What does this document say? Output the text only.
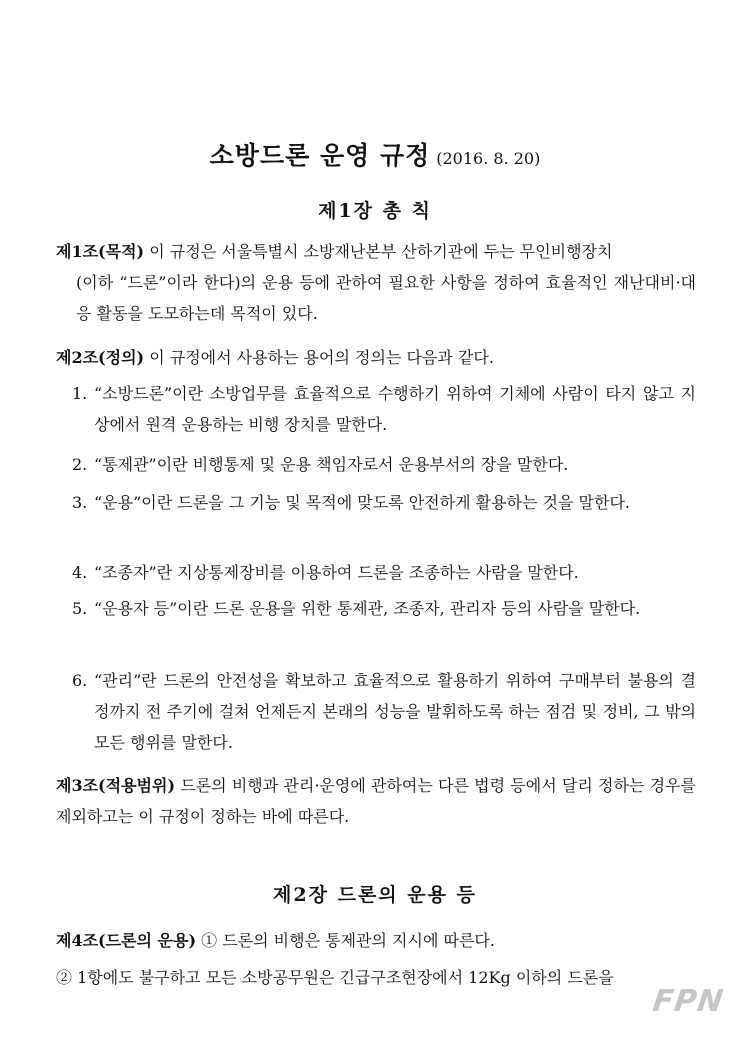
소방드론 운영 규정 (2016. 8. 20)
제1장 총 칙
제1조(목적) 이 규정은 서울특별시 소방재난본부 산하기관에 두는 무인비행장치
(이하 “드론”이라 한다)의 운용 등에 관하여 필요한 사항을 정하여 효율적인 재난대비·대응 활동을 도모하는데 목적이 있다.
제2조(정의) 이 규정에서 사용하는 용어의 정의는 다음과 같다.
1. “소방드론”이란 소방업무를 효율적으로 수행하기 위하여 기체에 사람이 타지 않고 지상에서 원격 운용하는 비행 장치를 말한다.
2. “통제관”이란 비행통제 및 운용 책임자로서 운용부서의 장을 말한다.
3. “운용”이란 드론을 그 기능 및 목적에 맞도록 안전하게 활용하는 것을 말한다.
4. “조종자”란 지상통제장비를 이용하여 드론을 조종하는 사람을 말한다.
5. “운용자 등”이란 드론 운용을 위한 통제관, 조종자, 관리자 등의 사람을 말한다.
6. “관리”란 드론의 안전성을 확보하고 효율적으로 활용하기 위하여 구매부터 불용의 결정까지 전 주기에 걸쳐 언제든지 본래의 성능을 발휘하도록 하는 점검 및 정비, 그 밖의 모든 행위를 말한다.
제3조(적용범위) 드론의 비행과 관리·운영에 관하여는 다른 법령 등에서 달리 정하는 경우를 제외하고는 이 규정이 정하는 바에 따른다.
제2장 드론의 운용 등
제4조(드론의 운용) ① 드론의 비행은 통제관의 지시에 따른다.
② 1항에도 불구하고 모든 소방공무원은 긴급구조현장에서 12Kg 이하의 드론을
FPN
